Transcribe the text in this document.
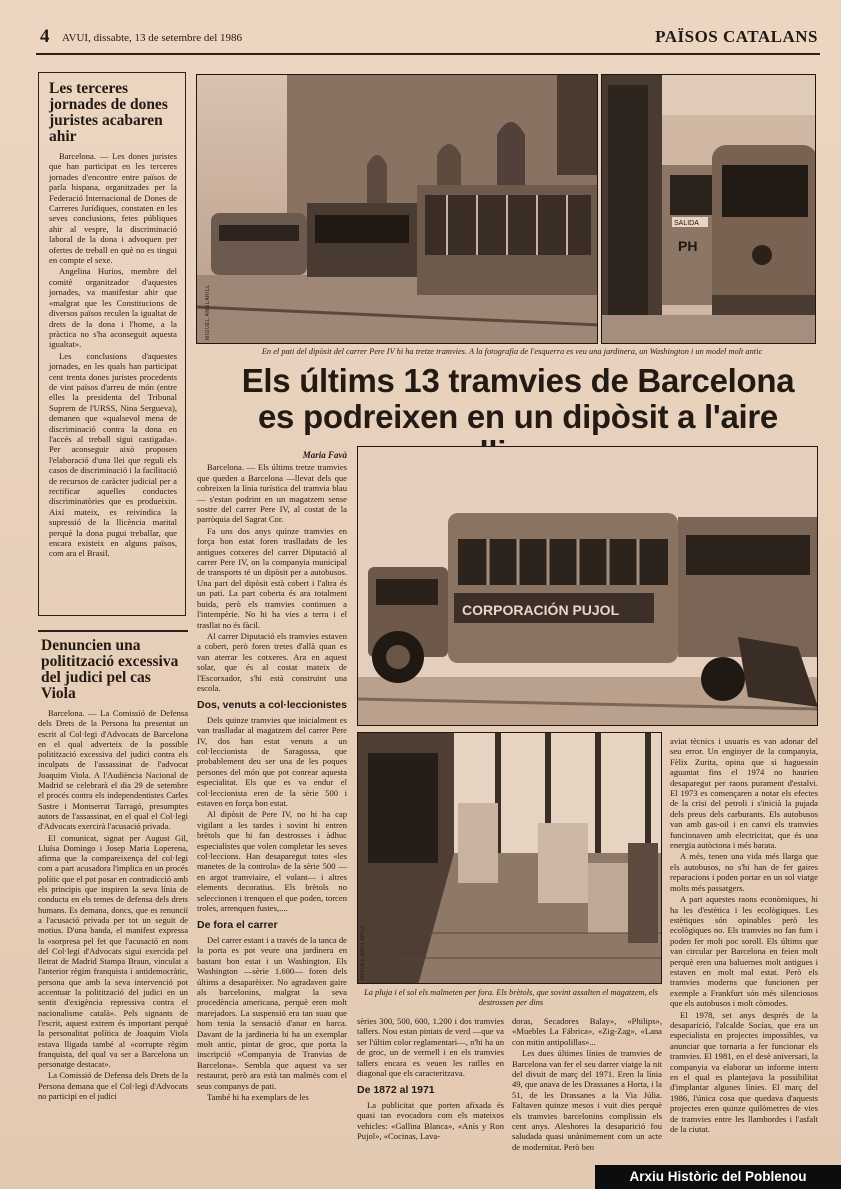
4 AVUI, dissabte, 13 de setembre del 1986	PAÏSOS CATALANS
Les terceres jornades de dones juristes acabaren ahir

Barcelona. — Les dones juristes que han participat en les terceres jornades d'encontre entre països de parla hispana, organitzades per la Federació Internacional de Dones de Carreres Jurídiques, constaten en les seves conclusions, fetes públiques ahir al vespre, la discriminació laboral de la dona i advoquen per ofertes de treball en què no es tingui en compte el sexe.

Angelina Hurios, membre del comitè organitzador d'aquestes jornades, va manifestar ahir que «malgrat que les Constitucions de diversos països reculen la igualtat de drets de la dona i l'home, a la pràctica no s'ha aconseguit aquesta igualtat».

Les conclusions d'aquestes jornades, en les quals han participat cent trenta dones juristes procedents de vint països d'arreu de món (entre elles la presidenta del Tribunal Suprem de l'URSS, Nina Sergueva), demanen que «qualsevol mena de discriminació contra la dona en l'accés al treball sigui castigada». Per aconseguir això proposen l'elaboració d'una llei que reguli els casos de discriminació i la facilitació de recursos de caràcter judicial per a rectificar aquelles conductes discriminatòries que es produeixin. Així mateix, es reivindica la supressió de la llicència marital perquè la dona pugui treballar, que encara existeix en alguns països, com ara el Brasil.

Denuncien una politització excessiva del judici pel cas Viola

Barcelona. — La Comissió de Defensa dels Drets de la Persona ha presentat un escrit al Col·legi d'Advocats de Barcelona en el qual adverteix de la possible politització excessiva del judici contra els inculpats de l'assassinat de l'advocat Joaquim Viola. A l'Audiència Nacional de Madrid se celebrarà el dia 29 de setembre el procés contra els independentistes Carles Sastre i Montserrat Tarragó, presumptes autors de l'assassinat, en el qual el Col·legi d'Advocats exercirà l'acusació privada.

El comunicat, signat per August Gil, Lluïsa Domingo i Josep Maria Loperena, afirma que la compareixença del col·legi com a part acusadora l'implica en un procés polític que el pot posar en contradicció amb els principis que inspiren la seva línia de conducta en els temes de defensa dels drets humans. Es demana, doncs, que es renunciï a l'acusació privada per tot un seguit de motius. D'una banda, el manifest expressa la «sorpresa pel fet que l'acusació en nom del Col·legi d'Advocats sigui exercida pel lletrat de Madrid Stampa Braun, vinculat a l'anterior règim franquista i antidemocràtic, persona que amb la seva intervenció pot accentuar la politització del judici en un sentit d'exigència repressiva contra el nacionalisme català». Pels signants de l'escrit, aquest extrem és important perquè la personalitat política de Joaquim Viola estava lligada també al «corrupte règim franquista, del qual va ser a Barcelona un personatge destacat».

La Comissió de Defensa dels Drets de la Persona demana que el Col·legi d'Advocats no participi en el judici

MIGUEL ANGLARILL
SALIDA
PH
En el pati del dipòsit del carrer Pere IV hi ha tretze tramvies. A la fotografia de l'esquerra es veu una jardinera, un Washington i un model molt antic
Els últims 13 tramvies de Barcelona
es podreixen en un dipòsit a l'aire
Maria Favà

Barcelona. — Els últims tretze tramvies que queden a Barcelona —llevat dels que cobreixen la línia turística del tramvia blau— s'estan podrint en un magatzem sense sostre del carrer Pere IV, al costat de la parròquia del Sagrat Cor.

Fa uns dos anys quinze tramvies en força bon estat foren traslladats de les antigues cotxeres del carrer Diputació al carrer Pere IV, on la companyia municipal de transports té un dipòsit per a autobusos. Una part del dipòsit està cobert i l'altra és un pati. La part coberta és ara totalment buida, però els tramvies continuen a l'intempèrie. No hi ha vies a terra i el trasllat no és fàcil.

Al carrer Diputació els tramvies estaven a cobert, però foren tretes d'allà quan es van aterrar les cotxeres. Ara en aquest solar, que és al costat mateix de l'Escorxador, s'hi està construint una escola.

Dos, venuts a col·leccionistes

Dels quinze tramvies que inicialment es van traslladar al magatzem del carrer Pere IV, dos han estat venuts a un col·leccionista de Saragossa, que probablement deu ser una de les poques persones del món que pot conrear aquesta especialitat. Els que es va endur el col·leccionista eren de la sèrie 500 i estaven en força bon estat.

Al dipòsit de Pere IV, no hi ha cap vigilant a les tardes i sovint hi entren brètols que hi fan destrosses i àdhuc especialistes que volen completar les seves col·leccions. Han desaparegut totes «les manetes de la controla» de la sèrie 500 —en argot tramviaire, el volant— i altres elements decoratius. Els brètols no seleccionen i trenquen el que poden, torcen troles, arrenquen fustes,....

De fora el carrer

Del carrer estant i a través de la tanca de la porta es pot veure una jardinera en bastant bon estat i un Washington. Els Washington —sèrie 1.600— foren dels últims a desaparèixer. No agradaven gaire als barcelonins, malgrat la seva procedència americana, perquè eren molt marejadors. La suspensió era tan suau que hom tenia la sensació d'anar en barca. Davant de la jardineria hi ha un exemplar molt antic, pintat de groc, que porta la inscripció «Companyia de Tranvias de Barcelona». Sembla que aquest va ser restaurat, però ara està tan malmès com el seus companys de pati.

També hi ha exemplars de les

CORPORACIÓN PUJOL
MIGUEL ANGLARILL
La pluja i el sol els malmeten per fora. Els brètols, que sovint assalten el magatzem, els destrossen per dins

sèries 300, 500, 600, 1.200 i dos tramvies tallers. Nou estan pintats de verd —que va ser l'últim color reglamentari—, n'hi ha un de groc, un de vermell i en els tramvies tallers encara es veuen les ratlles en diagonal que els caracteritzava.

De 1872 al 1971

La publicitat que porten afixada és quasi tan evocadora com els mateixos vehicles: «Gallina Blanca», «Anís y Ron Pujol», «Cocinas, Lava-

doras, Secadores Balay», «Philips», «Muebles La Fábrica», «Zig-Zag», «Lana con mitin antipolillas»...

Les dues últimes línies de tramvies de Barcelona van fer el seu darrer viatge la nit del divuit de març del 1971. Eren la línia 49, que anava de les Drassanes a Horta, i la 51, de les Drassanes a la Via Júlia. Faltaven quinze mesos i vuit dies perquè els tramvies barcelonins complissin els cent anys. Aleshores la desaparició fou saludada quasi unànimement com un acte de modernitat. Però ben

aviat tècnics i usuaris es van adonar del seu error. Un enginyer de la companyia, Fèlix Zurita, opina que si haguessin aguantat fins el 1974 no haurien desaparegut per raons purament d'estalvi. El 1973 es començaren a notar els efectes de la crisi del petroli i s'inicià la pujada dels preus dels carburants. Els autobusos van amb gas-oil i en canvi els tramvies funcionaven amb electricitat, que és una energia autòctona i més barata.

A més, tenen una vida més llarga que els autobusos, no s'hi han de fer gaires reparacions i poden portar en un sol viatge molts més passatgers.

A part aquestes raons econòmiques, hi ha les d'estètica i les ecològiques. Les estètiques són opinables però les ecològiques no. Els tramvies no fan fum i poden fer molt poc soroll. Els últims que van circular per Barcelona en feien molt perquè eren una baluernes molt antigues i estaven en molt mal estat. Però els tramvies moderns que funcionen per exemple a Frankfurt són més silenciosos que els autobusos i molt còmodes.

El 1978, set anys després de la desaparició, l'alcalde Socías, que era un especialista en projectes impossibles, va anunciar que tornaria a fer funcionar els tramvies. El 1981, en el desè aniversari, la companyia va elaborar un informe intern en el qual es plantejava la possibilitat d'implantar algunes línies. El març del 1986, l'única cosa que quedava d'aquests projectes eren quinze quilòmetres de vies de tramvies entre les llambordes i l'asfalt de la ciutat.

Arxiu Històric del Poblenou
